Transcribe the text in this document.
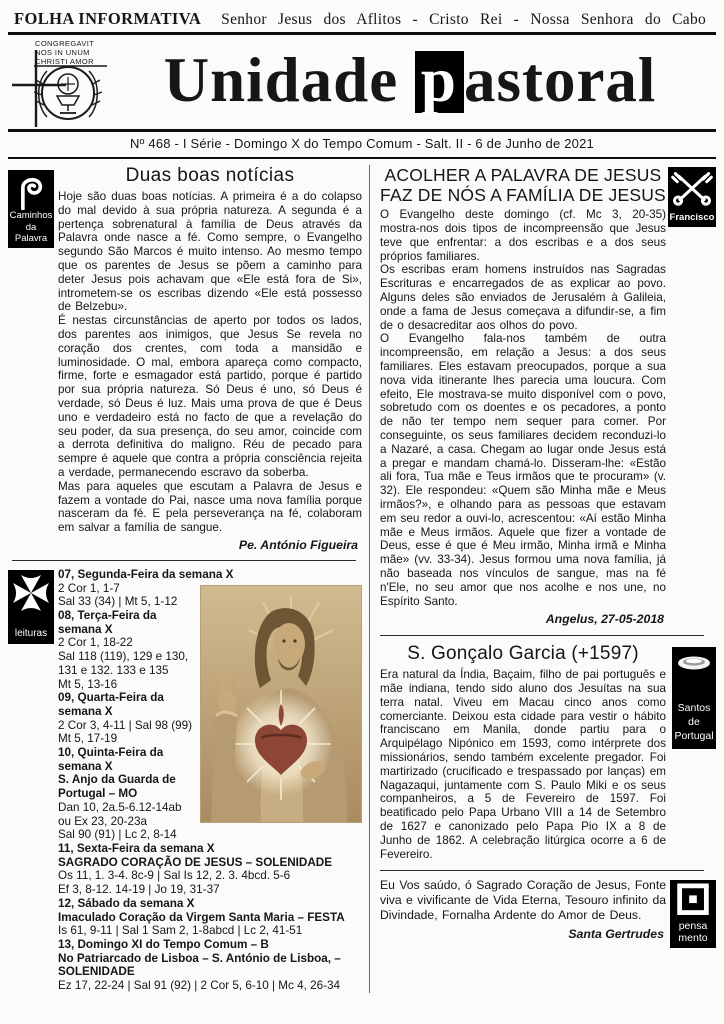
FOLHA INFORMATIVA	Senhor Jesus dos Aflitos - Cristo Rei - Nossa Senhora do Cabo
CONGREGAVIT
NOS IN UNUM
CHRISTI AMOR	Unidade p astoral
Nº 468 - I Série - Domingo X do Tempo Comum - Salt. II - 6 de Junho de 2021
Caminhos
da Palavra
Duas boas notícias
Hoje são duas boas notícias. A primeira é a do colapso do mal devido à sua própria natureza. A segunda é a pertença sobrenatural à família de Deus através da Palavra onde nasce a fé. Como sempre, o Evangelho segundo São Marcos é muito intenso. Ao mesmo tempo que os parentes de Jesus se põem a caminho para deter Jesus pois achavam que «Ele está fora de Si», intrometem-se os escribas dizendo «Ele está possesso de Belzebu».
É nestas circunstâncias de aperto por todos os lados, dos parentes aos inimigos, que Jesus Se revela no coração dos crentes, com toda a mansidão e luminosidade. O mal, embora apareça como compacto, firme, forte e esmagador está partido, porque é partido por sua própria natureza. Só Deus é uno, só Deus é verdade, só Deus é luz. Mais uma prova de que é Deus uno e verdadeiro está no facto de que a revelação do seu poder, da sua presença, do seu amor, coincide com a derrota definitiva do maligno. Réu de pecado para sempre é aquele que contra a própria consciência rejeita a verdade, permanecendo escravo da soberba.
Mas para aqueles que escutam a Palavra de Jesus e fazem a vontade do Pai, nasce uma nova família porque nasceram da fé. E pela perseverança na fé, colaboram em salvar a família de sangue.
Pe. António Figueira
leituras
07, Segunda-Feira da semana X
2 Cor 1, 1-7
Sal 33 (34) | Mt 5, 1-12
08, Terça-Feira da semana X
2 Cor 1, 18-22
Sal 118 (119), 129 e 130, 131 e 132. 133 e 135
Mt 5, 13-16
09, Quarta-Feira da semana X
2 Cor 3, 4-11 | Sal 98 (99)
Mt 5, 17-19
10, Quinta-Feira da semana X
S. Anjo da Guarda de Portugal – MO
Dan 10, 2a.5-6.12-14ab ou Ex 23, 20-23a
Sal 90 (91) | Lc 2, 8-14
11, Sexta-Feira da semana X
SAGRADO CORAÇÃO DE JESUS – SOLENIDADE
Os 11, 1. 3-4. 8c-9 | Sal Is 12, 2. 3. 4bcd. 5-6
Ef 3, 8-12. 14-19 | Jo 19, 31-37
12, Sábado da semana X
Imaculado Coração da Virgem Santa Maria – FESTA
Is 61, 9-11 | Sal 1 Sam 2, 1-8abcd | Lc 2, 41-51
13, Domingo XI do Tempo Comum – B
No Patriarcado de Lisboa – S. António de Lisboa, – SOLENIDADE
Ez 17, 22-24 | Sal 91 (92) | 2 Cor 5, 6-10 | Mc 4, 26-34
Francisco
ACOLHER A PALAVRA DE JESUS FAZ DE NÓS A FAMÍLIA DE JESUS
O Evangelho deste domingo (cf. Mc 3, 20-35) mostra-nos dois tipos de incompreensão que Jesus teve que enfrentar: a dos escribas e a dos seus próprios familiares.
Os escribas eram homens instruídos nas Sagradas Escrituras e encarregados de as explicar ao povo. Alguns deles são enviados de Jerusalém à Galileia, onde a fama de Jesus começava a difundir-se, a fim de o desacreditar aos olhos do povo.
O Evangelho fala-nos também de outra incompreensão, em relação a Jesus: a dos seus familiares. Eles estavam preocupados, porque a sua nova vida itinerante lhes parecia uma loucura. Com efeito, Ele mostrava-se muito disponível com o povo, sobretudo com os doentes e os pecadores, a ponto de não ter tempo nem sequer para comer. Por conseguinte, os seus familiares decidem reconduzi-lo a Nazaré, a casa. Chegam ao lugar onde Jesus está a pregar e mandam chamá-lo. Disseram-lhe: «Estão ali fora, Tua mãe e Teus irmãos que te procuram» (v. 32). Ele respondeu: «Quem são Minha mãe e Meus irmãos?», e olhando para as pessoas que estavam em seu redor a ouvi-lo, acrescentou: «Aí estão Minha mãe e Meus irmãos. Aquele que fizer a vontade de Deus, esse é que é Meu irmão, Minha irmã e Minha mãe» (vv. 33-34). Jesus formou uma nova família, já não baseada nos vínculos de sangue, mas na fé n'Ele, no seu amor que nos acolhe e nos une, no Espírito Santo.
Angelus, 27-05-2018
Santos
de
Portugal
S. Gonçalo Garcia (+1597)
Era natural da Índia, Baçaim, filho de pai português e mãe indiana, tendo sido aluno dos Jesuítas na sua terra natal. Viveu em Macau cinco anos como comerciante. Deixou esta cidade para vestir o hábito franciscano em Manila, donde partiu para o Arquipélago Nipónico em 1593, como intérprete dos missionários, sendo também excelente pregador. Foi martirizado (crucificado e trespassado por lanças) em Nagazaqui, juntamente com S. Paulo Miki e os seus companheiros, a 5 de Fevereiro de 1597. Foi beatificado pelo Papa Urbano VIII a 14 de Setembro de 1627 e canonizado pelo Papa Pio IX a 8 de Junho de 1862. A celebração litúrgica ocorre a 6 de Fevereiro.
pensa
mento
Eu Vos saúdo, ó Sagrado Coração de Jesus, Fonte viva e vivificante de Vida Eterna, Tesouro infinito da Divindade, Fornalha Ardente do Amor de Deus.
Santa Gertrudes
